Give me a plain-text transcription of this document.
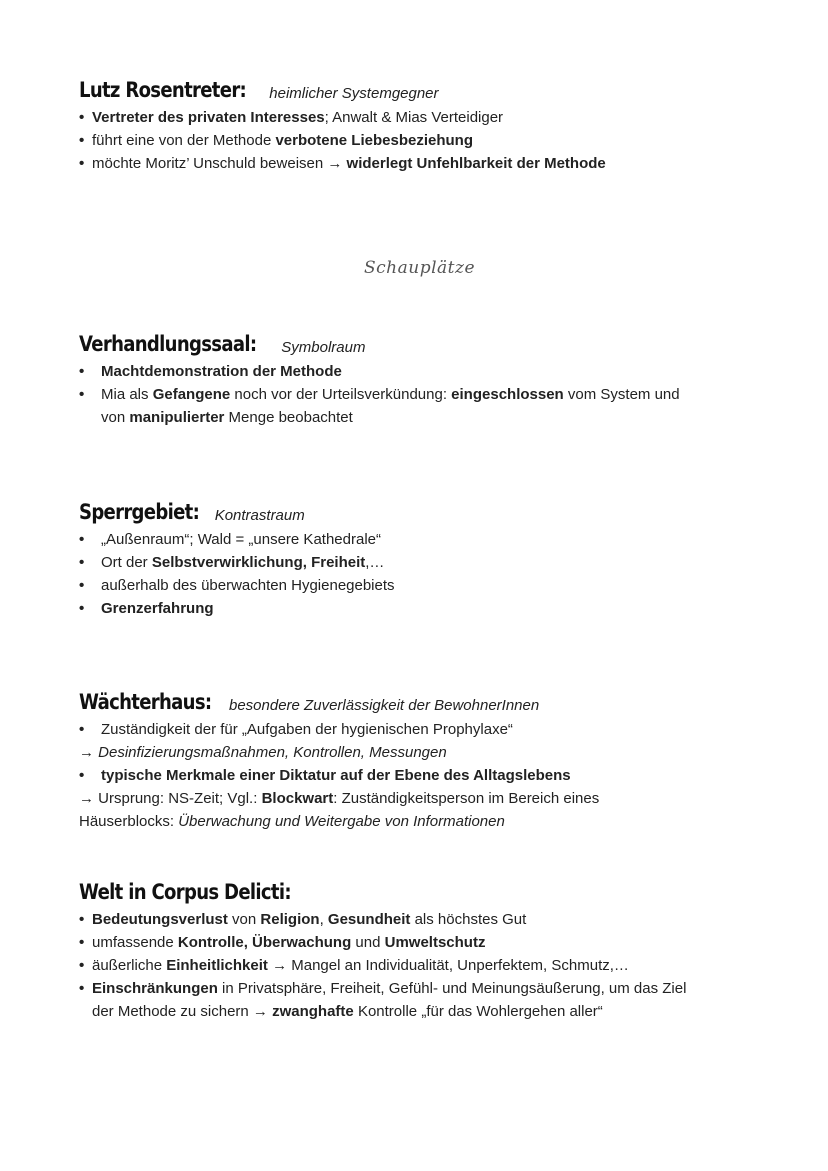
Lutz Rosentreter: heimlicher Systemgegner
• Vertreter des privaten Interesses; Anwalt & Mias Verteidiger
• führt eine von der Methode verbotene Liebesbeziehung
• möchte Moritz’ Unschuld beweisen → widerlegt Unfehlbarkeit der Methode
Schauplätze
Verhandlungssaal: Symbolraum
• Machtdemonstration der Methode
• Mia als Gefangene noch vor der Urteilsverkündung: eingeschlossen vom System und
von manipulierter Menge beobachtet
Sperrgebiet: Kontrastraum
• „Außenraum“; Wald = „unsere Kathedrale“
• Ort der Selbstverwirklichung, Freiheit,…
• außerhalb des überwachten Hygienegebiets
• Grenzerfahrung
Wächterhaus: besondere Zuverlässigkeit der BewohnerInnen
• Zuständigkeit der für „Aufgaben der hygienischen Prophylaxe“
→ Desinfizierungsmaßnahmen, Kontrollen, Messungen
• typische Merkmale einer Diktatur auf der Ebene des Alltagslebens
→ Ursprung: NS-Zeit; Vgl.: Blockwart: Zuständigkeitsperson im Bereich eines
Häuserblocks: Überwachung und Weitergabe von Informationen
Welt in Corpus Delicti:
• Bedeutungsverlust von Religion, Gesundheit als höchstes Gut
• umfassende Kontrolle, Überwachung und Umweltschutz
• äußerliche Einheitlichkeit → Mangel an Individualität, Unperfektem, Schmutz,…
• Einschränkungen in Privatsphäre, Freiheit, Gefühl- und Meinungsäußerung, um das Ziel
der Methode zu sichern → zwanghafte Kontrolle „für das Wohlergehen aller“
